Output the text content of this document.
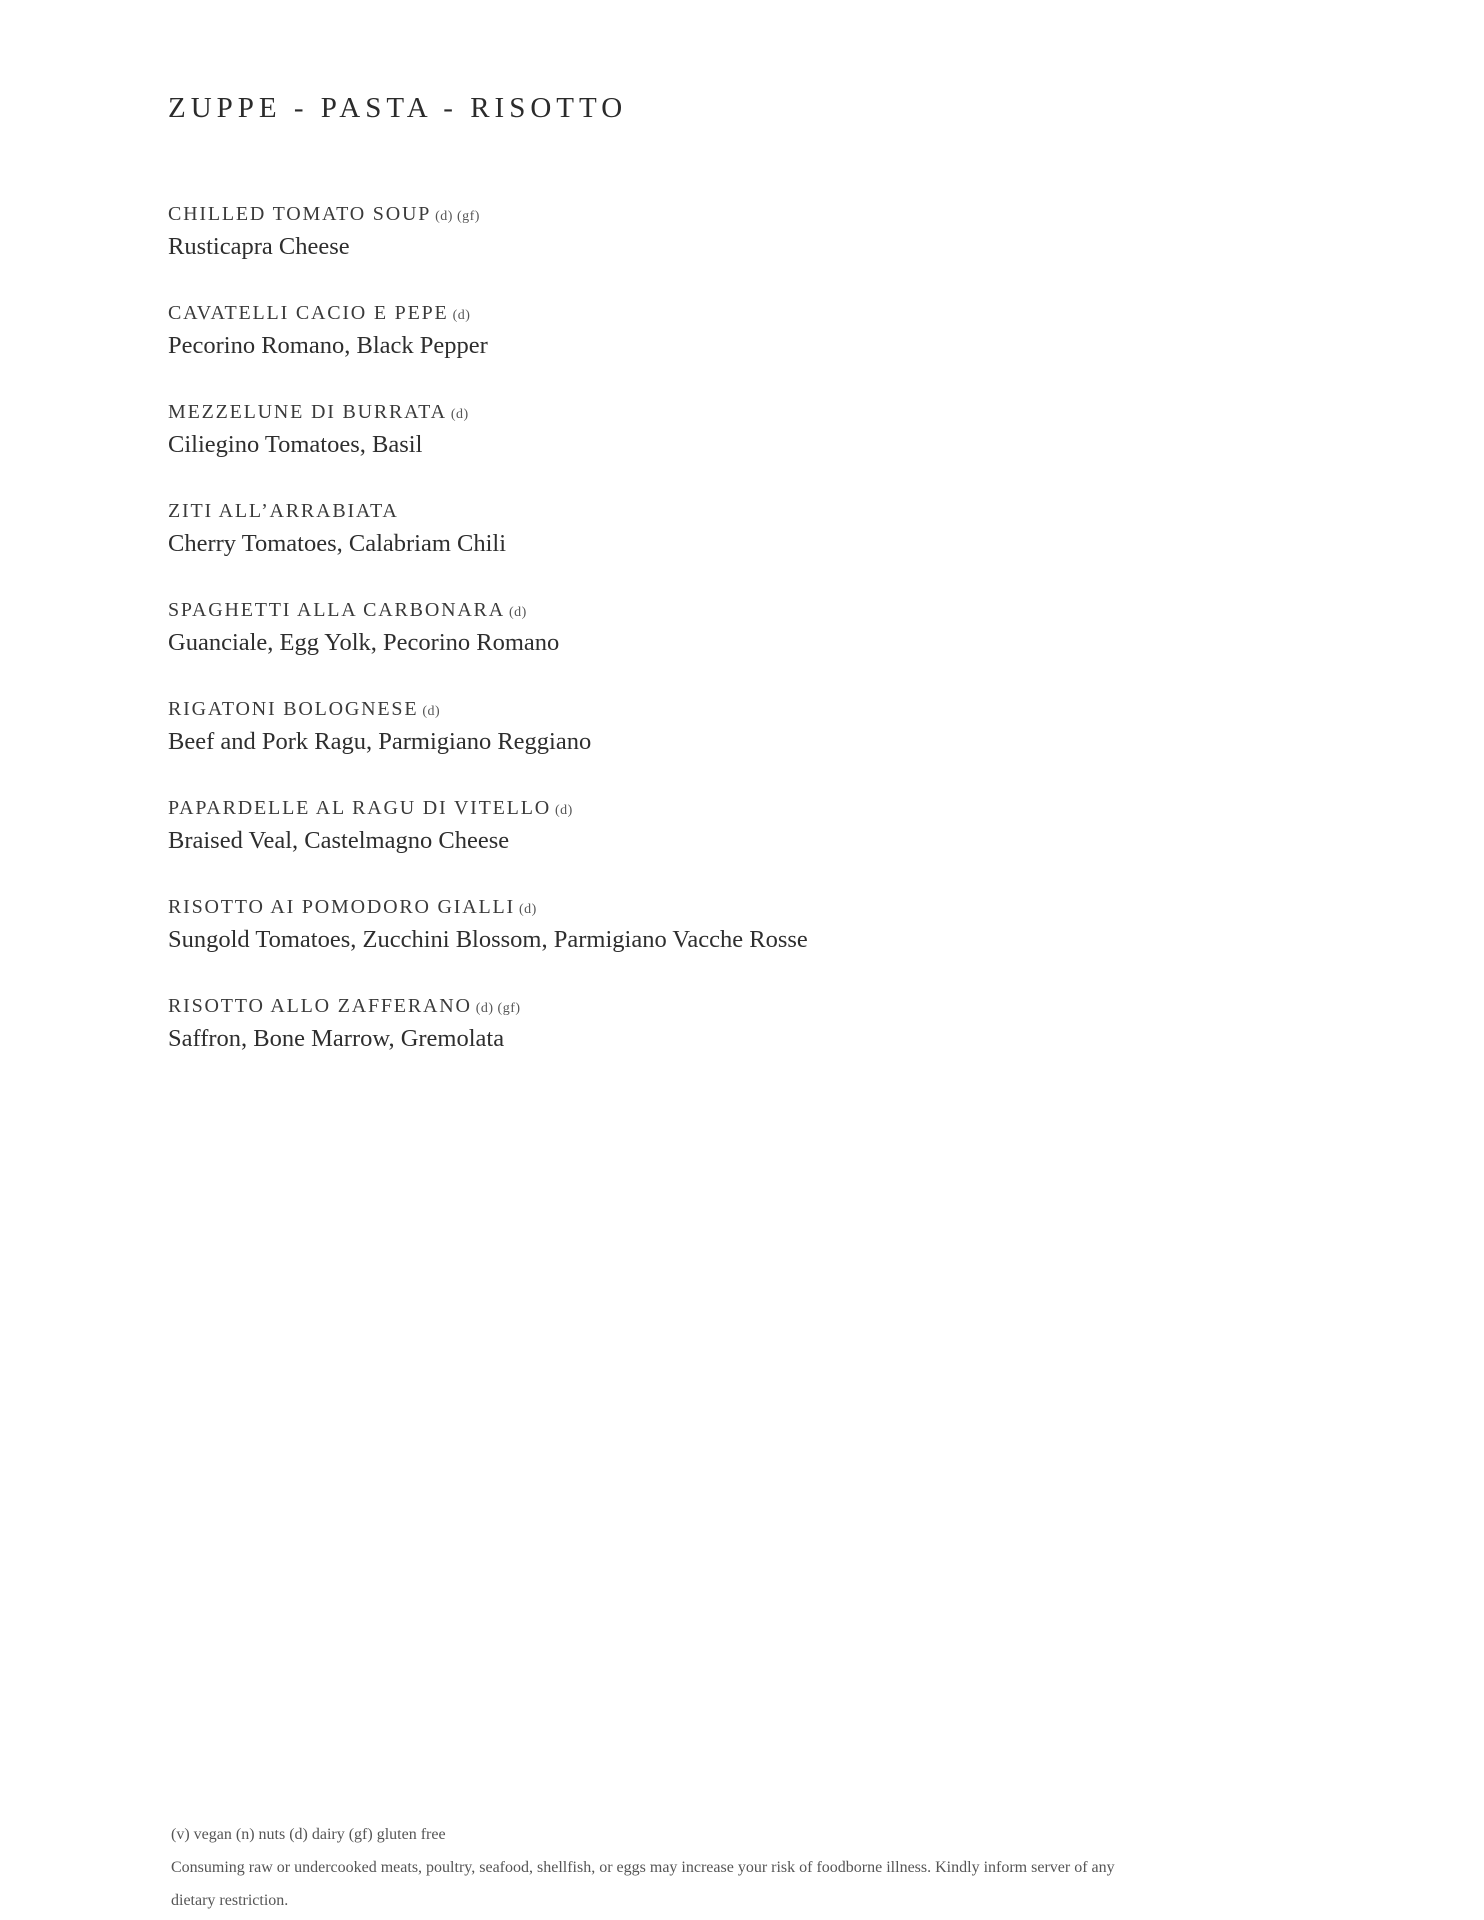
ZUPPE - PASTA - RISOTTO
CHILLED TOMATO SOUP (d) (gf)
Rusticapra Cheese
CAVATELLI CACIO E PEPE (d)
Pecorino Romano, Black Pepper
MEZZELUNE DI BURRATA (d)
Ciliegino Tomatoes, Basil
ZITI ALL’ARRABIATA
Cherry Tomatoes, Calabriam Chili
SPAGHETTI ALLA CARBONARA (d)
Guanciale, Egg Yolk, Pecorino Romano
RIGATONI BOLOGNESE (d)
Beef and Pork Ragu, Parmigiano Reggiano
PAPARDELLE AL RAGU DI VITELLO (d)
Braised Veal, Castelmagno Cheese
RISOTTO AI POMODORO GIALLI (d)
Sungold Tomatoes, Zucchini Blossom, Parmigiano Vacche Rosse
RISOTTO ALLO ZAFFERANO (d) (gf)
Saffron, Bone Marrow, Gremolata

(v) vegan (n) nuts (d) dairy (gf) gluten free

Consuming raw or undercooked meats, poultry, seafood, shellfish, or eggs may increase your risk of foodborne illness. Kindly inform server of any dietary restriction.
